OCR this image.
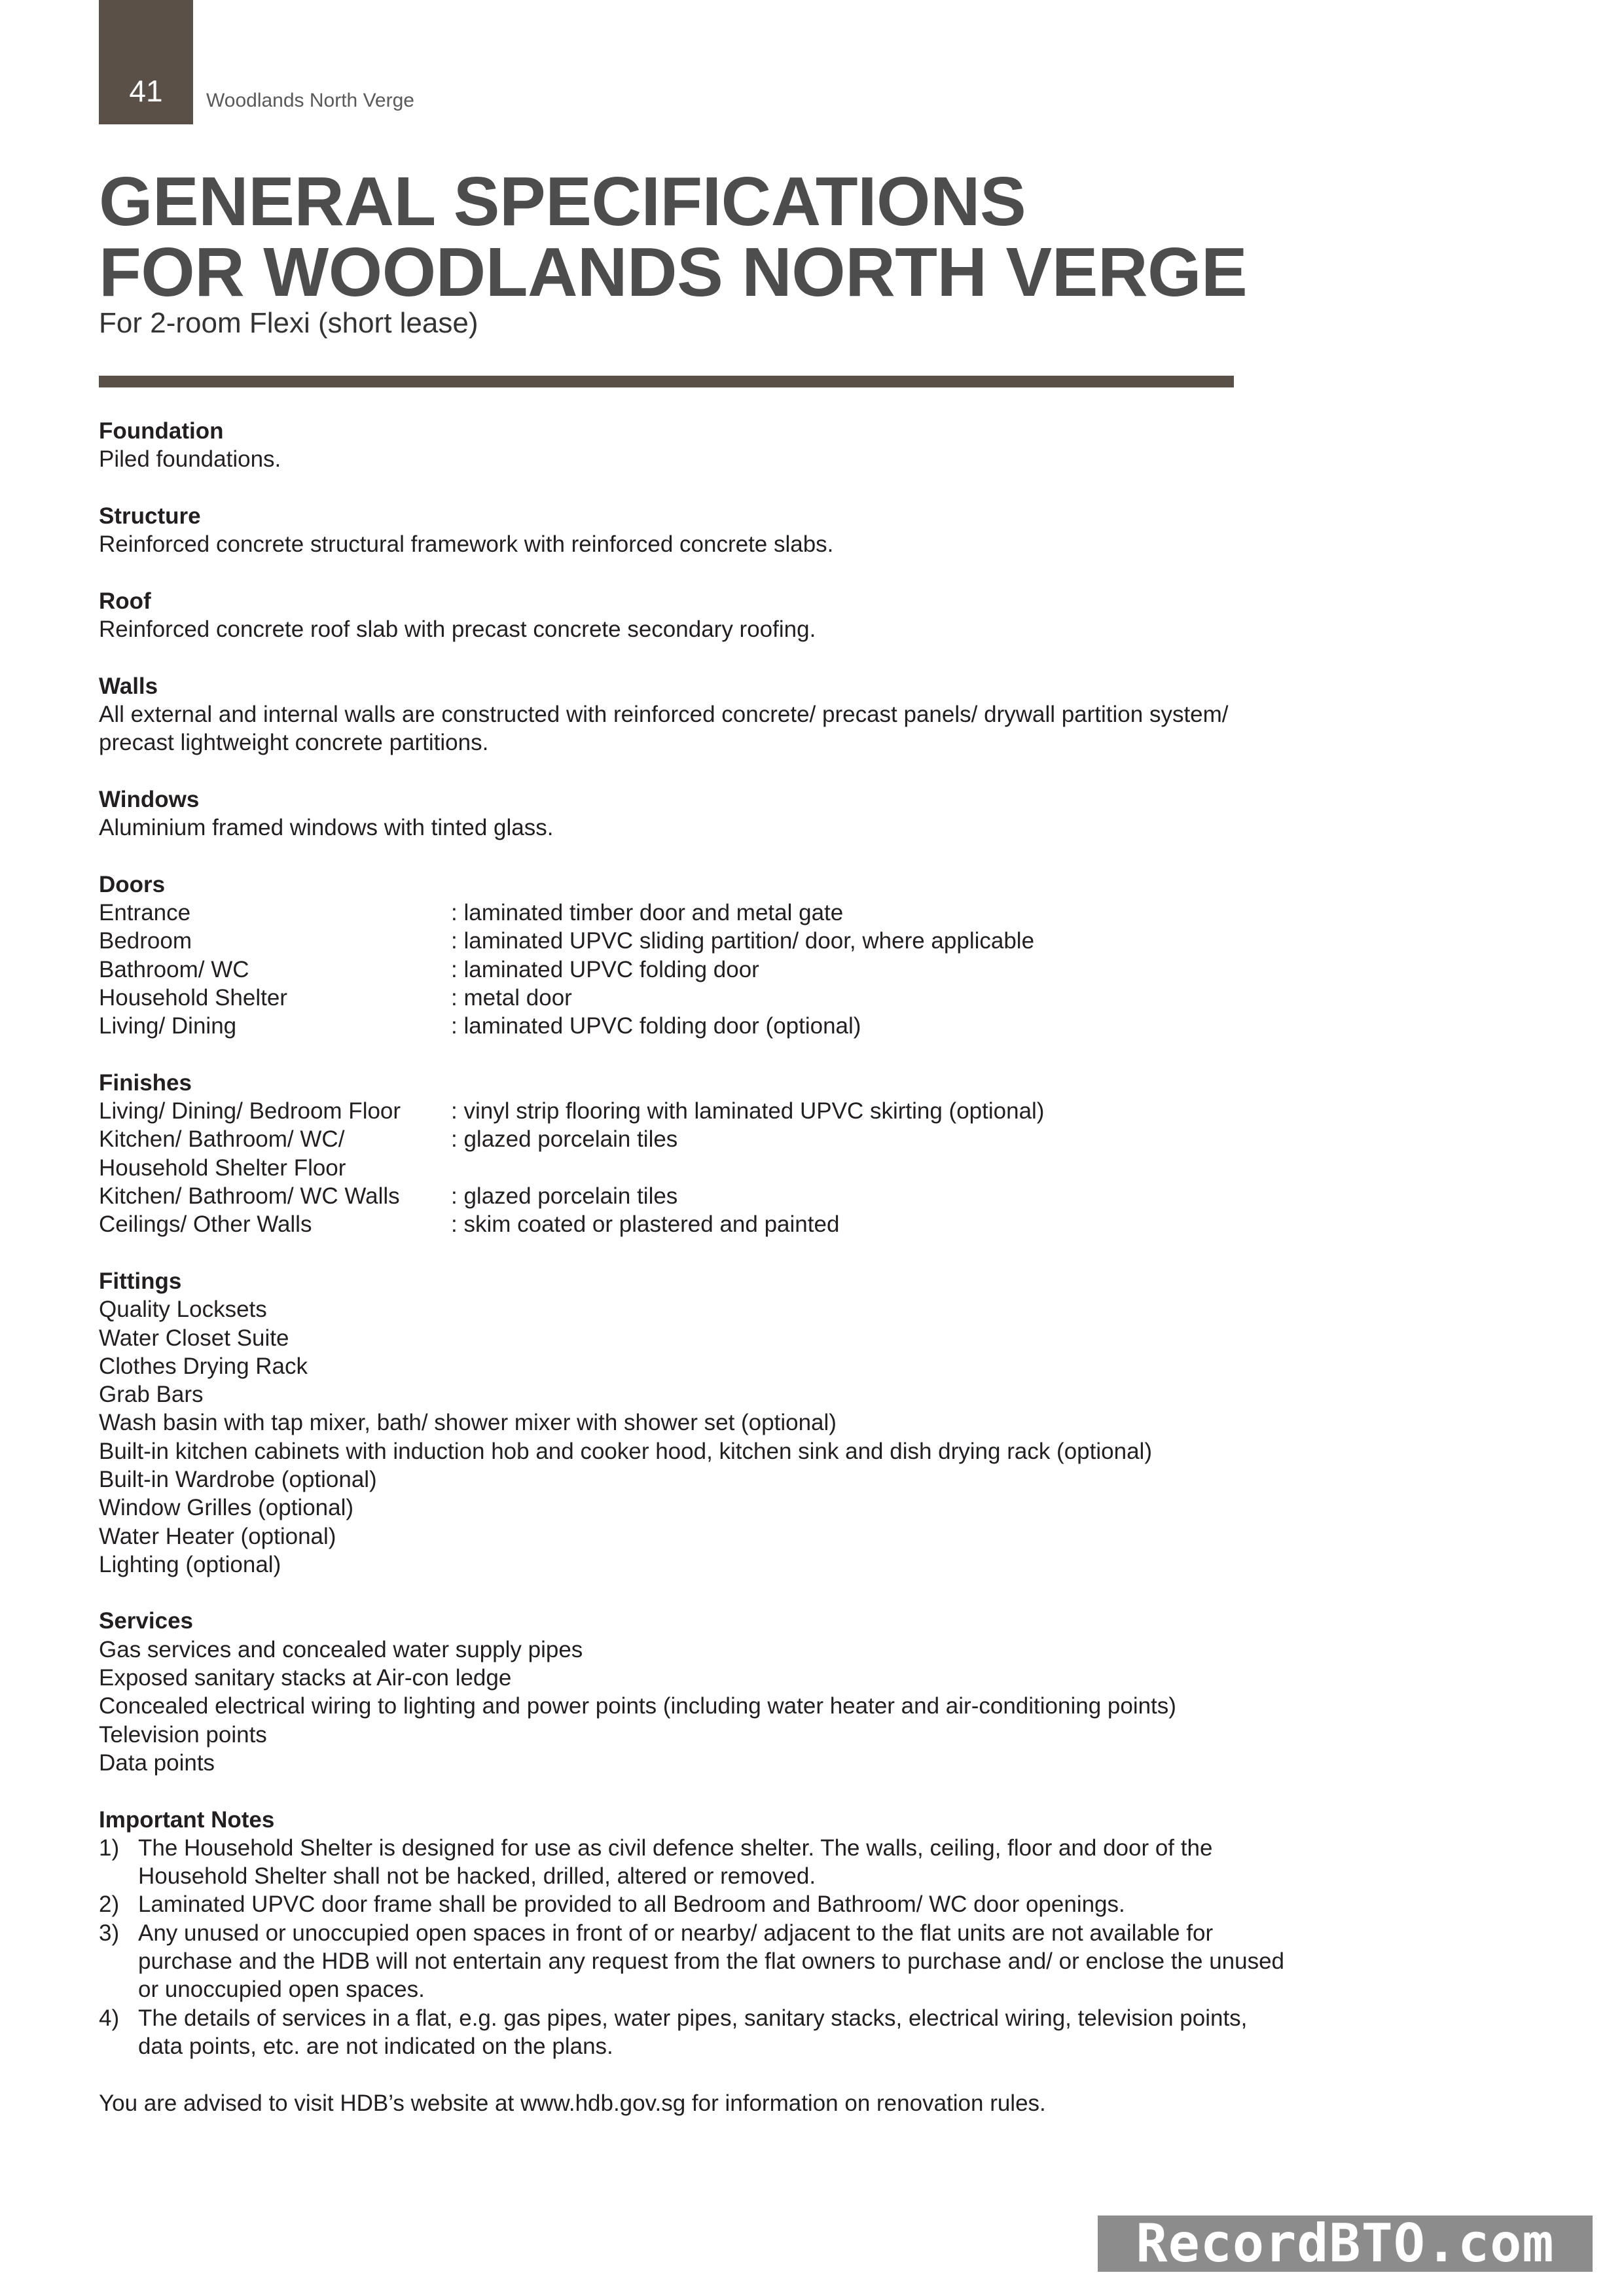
41	Woodlands North Verge
GENERAL SPECIFICATIONS
FOR WOODLANDS NORTH VERGE
For 2-room Flexi (short lease)
Foundation
Piled foundations.
Structure
Reinforced concrete structural framework with reinforced concrete slabs.
Roof
Reinforced concrete roof slab with precast concrete secondary roofing.
Walls
All external and internal walls are constructed with reinforced concrete/ precast panels/ drywall partition system/
precast lightweight concrete partitions.
Windows
Aluminium framed windows with tinted glass.
Doors
Entrance	: laminated timber door and metal gate
Bedroom	: laminated UPVC sliding partition/ door, where applicable
Bathroom/ WC	: laminated UPVC folding door
Household Shelter	: metal door
Living/ Dining	: laminated UPVC folding door (optional)
Finishes
Living/ Dining/ Bedroom Floor	: vinyl strip flooring with laminated UPVC skirting (optional)
Kitchen/ Bathroom/ WC/	: glazed porcelain tiles
Household Shelter Floor
Kitchen/ Bathroom/ WC Walls	: glazed porcelain tiles
Ceilings/ Other Walls	: skim coated or plastered and painted
Fittings
Quality Locksets
Water Closet Suite
Clothes Drying Rack
Grab Bars
Wash basin with tap mixer, bath/ shower mixer with shower set (optional)
Built-in kitchen cabinets with induction hob and cooker hood, kitchen sink and dish drying rack (optional)
Built-in Wardrobe (optional)
Window Grilles (optional)
Water Heater (optional)
Lighting (optional)
Services
Gas services and concealed water supply pipes
Exposed sanitary stacks at Air-con ledge
Concealed electrical wiring to lighting and power points (including water heater and air-conditioning points)
Television points
Data points
Important Notes
1) The Household Shelter is designed for use as civil defence shelter. The walls, ceiling, floor and door of the
Household Shelter shall not be hacked, drilled, altered or removed.
2) Laminated UPVC door frame shall be provided to all Bedroom and Bathroom/ WC door openings.
3) Any unused or unoccupied open spaces in front of or nearby/ adjacent to the flat units are not available for
purchase and the HDB will not entertain any request from the flat owners to purchase and/ or enclose the unused
or unoccupied open spaces.
4) The details of services in a flat, e.g. gas pipes, water pipes, sanitary stacks, electrical wiring, television points,
data points, etc. are not indicated on the plans.
You are advised to visit HDB’s website at www.hdb.gov.sg for information on renovation rules.
RecordBTO.com
